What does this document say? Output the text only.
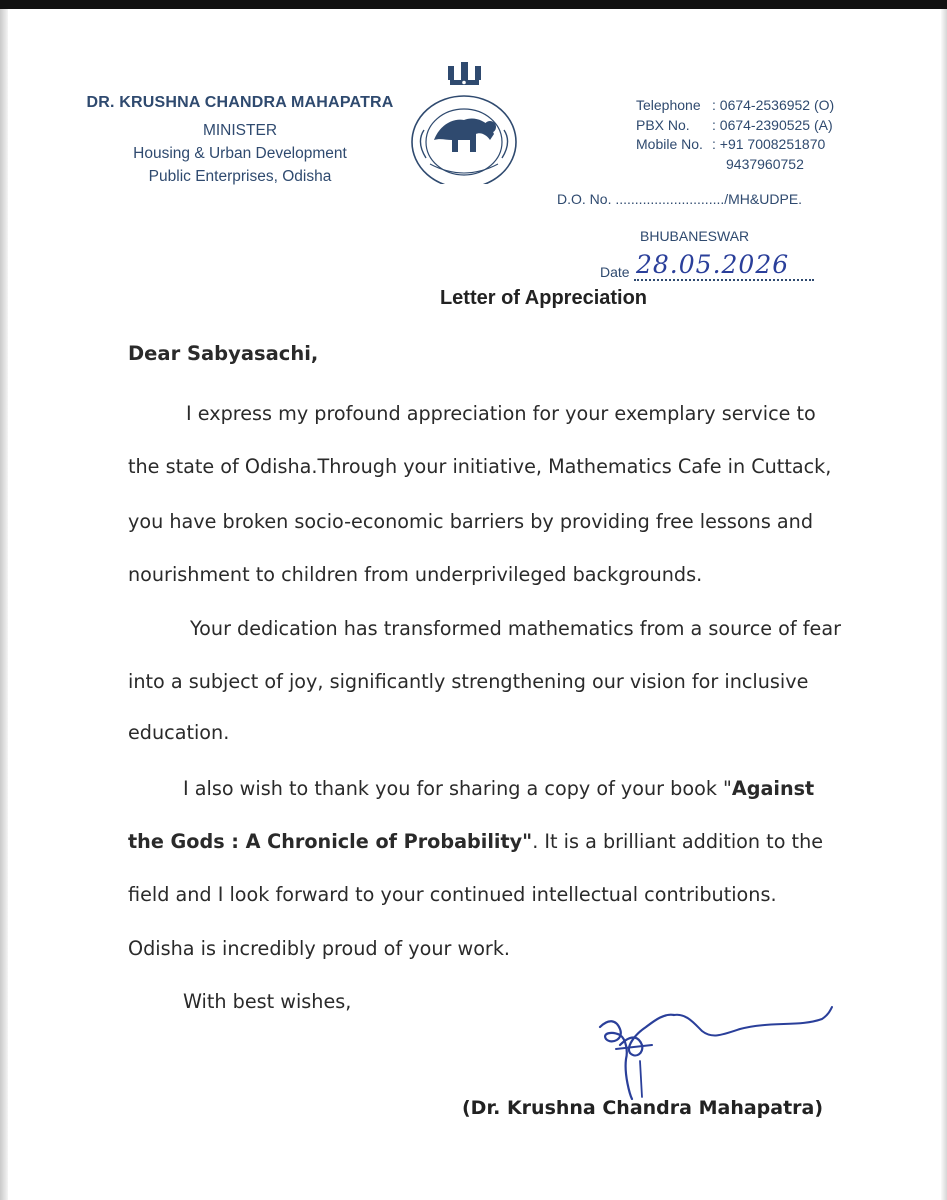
DR. KRUSHNA CHANDRA MAHAPATRA
MINISTER
Housing & Urban Development
Public Enterprises, Odisha
ଓଡ଼ିଶା
Telephone : 0674-2536952 (O)
PBX No.	: 0674-2390525 (A)
Mobile No. : +91 7008251870
9437960752
D.O. No. ............................/MH&UDPE.
BHUBANESWAR
Date 28.05.2026
Letter of Appreciation
Dear Sabyasachi,
I express my profound appreciation for your exemplary service to
the state of Odisha.Through your initiative, Mathematics Cafe in Cuttack,
you have broken socio-economic barriers by providing free lessons and
nourishment to children from underprivileged backgrounds.
Your dedication has transformed mathematics from a source of fear
into a subject of joy, significantly strengthening our vision for inclusive
education.
I also wish to thank you for sharing a copy of your book "Against
the Gods : A Chronicle of Probability". It is a brilliant addition to the
field and I look forward to your continued intellectual contributions.
Odisha is incredibly proud of your work.
With best wishes,
(Dr. Krushna Chandra Mahapatra)
